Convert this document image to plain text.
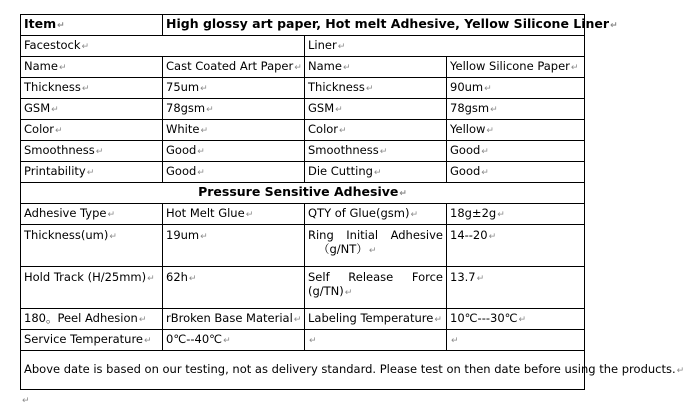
Item↵	High glossy art paper, Hot melt Adhesive, Yellow Silicone Liner↵		
Facestock↵		Liner↵	
Name↵	Cast Coated Art Paper↵	Name↵	Yellow Silicone Paper↵
Thickness↵	75um↵	Thickness↵	90um↵
GSM↵	78gsm↵	GSM↵	78gsm↵
Color↵	White↵	Color↵	Yellow↵
Smoothness↵	Good↵	Smoothness↵	Good↵
Printability↵	Good↵	Die Cutting↵	Good↵
Pressure Sensitive Adhesive↵			
Adhesive Type↵	Hot Melt Glue↵	QTY of Glue(gsm)↵	18g±2g↵
Thickness(um)↵	19um↵	Ring Initial Adhesive
（g/NT）↵	14--20↵
Hold Track (H/25mm)↵	62h↵	Self Release Force
(g/TN)↵	13.7↵
180。Peel Adhesion↵	rBroken Base Material↵	Labeling Temperature↵	10℃---30℃↵
Service Temperature↵	0℃--40℃↵	↵	↵
Above date is based on our testing, not as delivery standard. Please test on then date before using the products.↵			
↵
